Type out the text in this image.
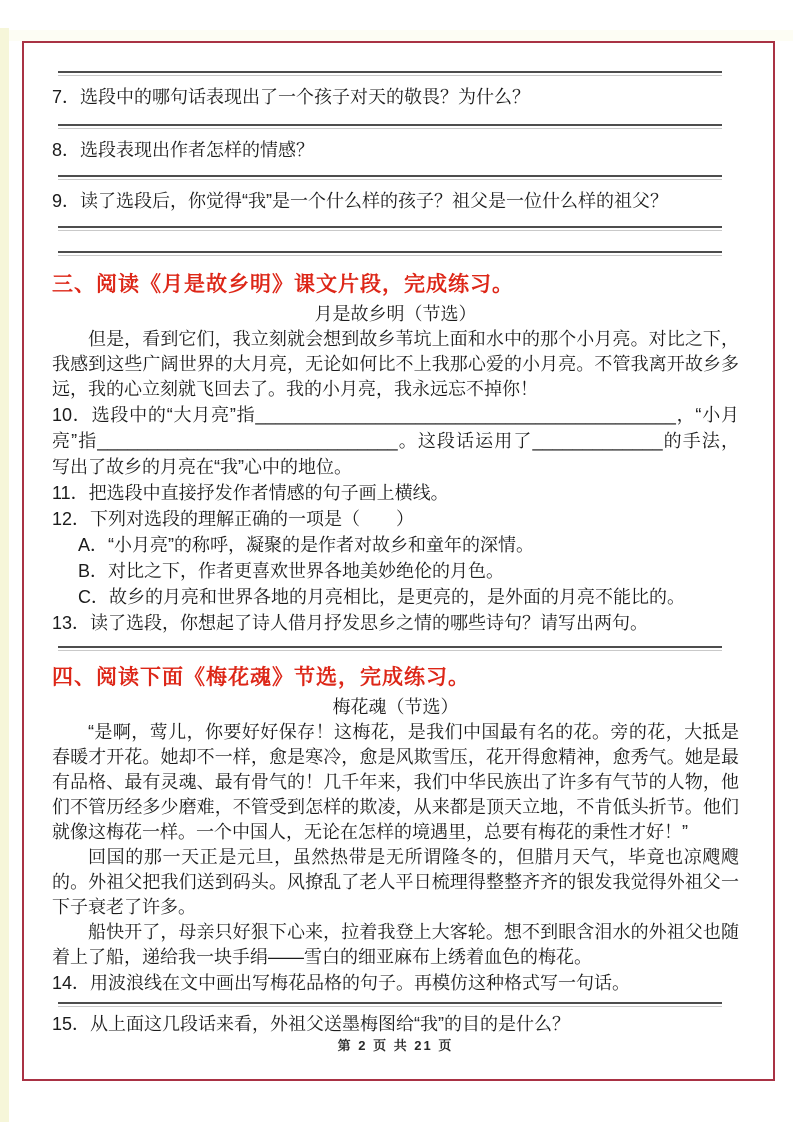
7．选段中的哪句话表现出了一个孩子对天的敬畏？为什么？

8．选段表现出作者怎样的情感？

9．读了选段后，你觉得“我”是一个什么样的孩子？祖父是一位什么样的祖父？

三、阅读《月是故乡明》课文片段，完成练习。
月是故乡明（节选）

但是，看到它们，我立刻就会想到故乡苇坑上面和水中的那个小月亮。对比之下，我感到这些广阔世界的大月亮，无论如何比不上我那心爱的小月亮。不管我离开故乡多远，我的心立刻就飞回去了。我的小月亮，我永远忘不掉你！

10．选段中的“大月亮”指__________________________________________，“小月亮”指______________________________。这段话运用了_____________的手法，写出了故乡的月亮在“我”心中的地位。

11．把选段中直接抒发作者情感的句子画上横线。

12．下列对选段的理解正确的一项是（　　）

A．“小月亮”的称呼，凝聚的是作者对故乡和童年的深情。

B．对比之下，作者更喜欢世界各地美妙绝伦的月色。

C．故乡的月亮和世界各地的月亮相比，是更亮的，是外面的月亮不能比的。

13．读了选段，你想起了诗人借月抒发思乡之情的哪些诗句？请写出两句。

四、阅读下面《梅花魂》节选，完成练习。
梅花魂（节选）

“是啊，莺儿，你要好好保存！这梅花，是我们中国最有名的花。旁的花，大抵是春暖才开花。她却不一样，愈是寒冷，愈是风欺雪压，花开得愈精神，愈秀气。她是最有品格、最有灵魂、最有骨气的！几千年来，我们中华民族出了许多有气节的人物，他们不管历经多少磨难，不管受到怎样的欺凌，从来都是顶天立地，不肯低头折节。他们就像这梅花一样。一个中国人，无论在怎样的境遇里，总要有梅花的秉性才好！”

回国的那一天正是元旦，虽然热带是无所谓隆冬的，但腊月天气，毕竟也凉飕飕的。外祖父把我们送到码头。风撩乱了老人平日梳理得整整齐齐的银发我觉得外祖父一下子衰老了许多。

船快开了，母亲只好狠下心来，拉着我登上大客轮。想不到眼含泪水的外祖父也随着上了船，递给我一块手绢——雪白的细亚麻布上绣着血色的梅花。

14．用波浪线在文中画出写梅花品格的句子。再模仿这种格式写一句话。

15．从上面这几段话来看，外祖父送墨梅图给“我”的目的是什么？

第 2 页 共 21 页
